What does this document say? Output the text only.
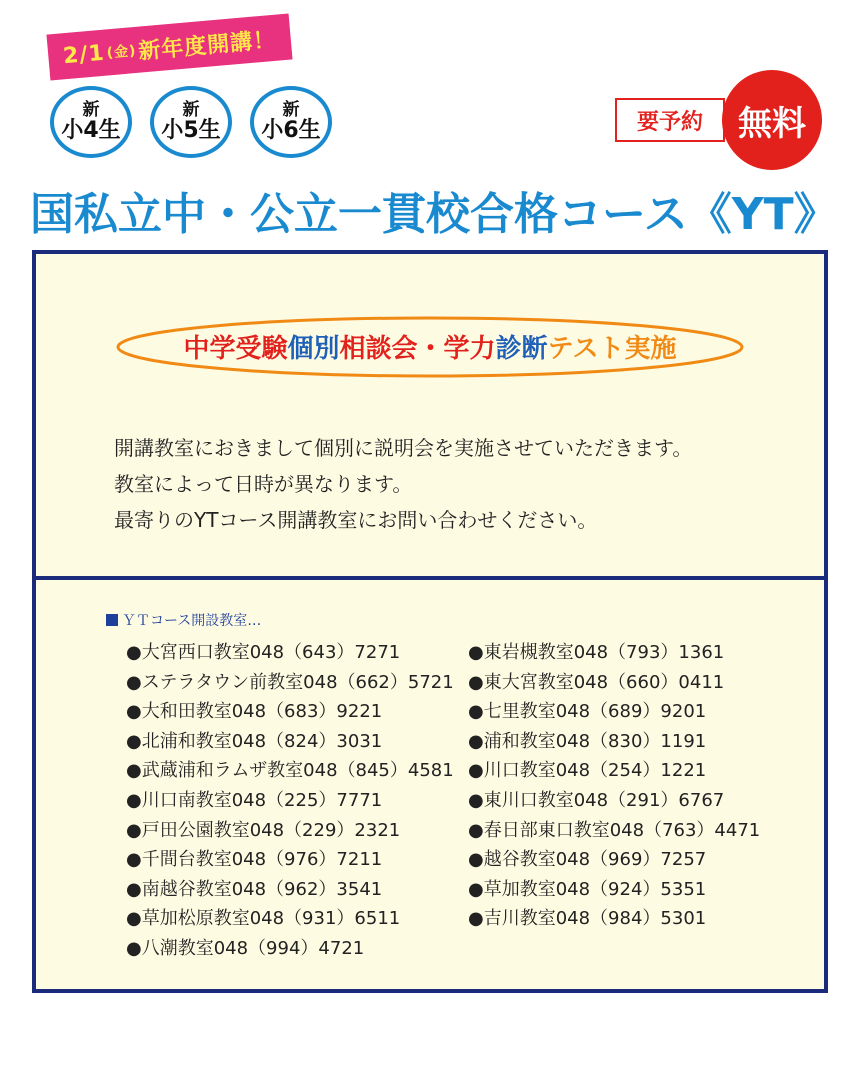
2/1 (金) 新年度開講！
新
小4生
新
小5生
新
小6生	要予約	無料
国私立中・公立一貫校合格コース《YT》
中学受験 個別 相談会 ・学力 診断 テスト実施

開講教室におきまして個別に説明会を実施させていただきます。

教室によって日時が異なります。

最寄りのYTコース開講教室にお問い合わせください。

ＹＴコース開設教室…
●大宮西口教室048（643）7271
●ステラタウン前教室048（662）5721
●大和田教室048（683）9221
●北浦和教室048（824）3031
●武蔵浦和ラムザ教室048（845）4581
●川口南教室048（225）7771
●戸田公園教室048（229）2321
●千間台教室048（976）7211
●南越谷教室048（962）3541
●草加松原教室048（931）6511
●八潮教室048（994）4721
●東岩槻教室048（793）1361
●東大宮教室048（660）0411
●七里教室048（689）9201
●浦和教室048（830）1191
●川口教室048（254）1221
●東川口教室048（291）6767
●春日部東口教室048（763）4471
●越谷教室048（969）7257
●草加教室048（924）5351
●吉川教室048（984）5301
